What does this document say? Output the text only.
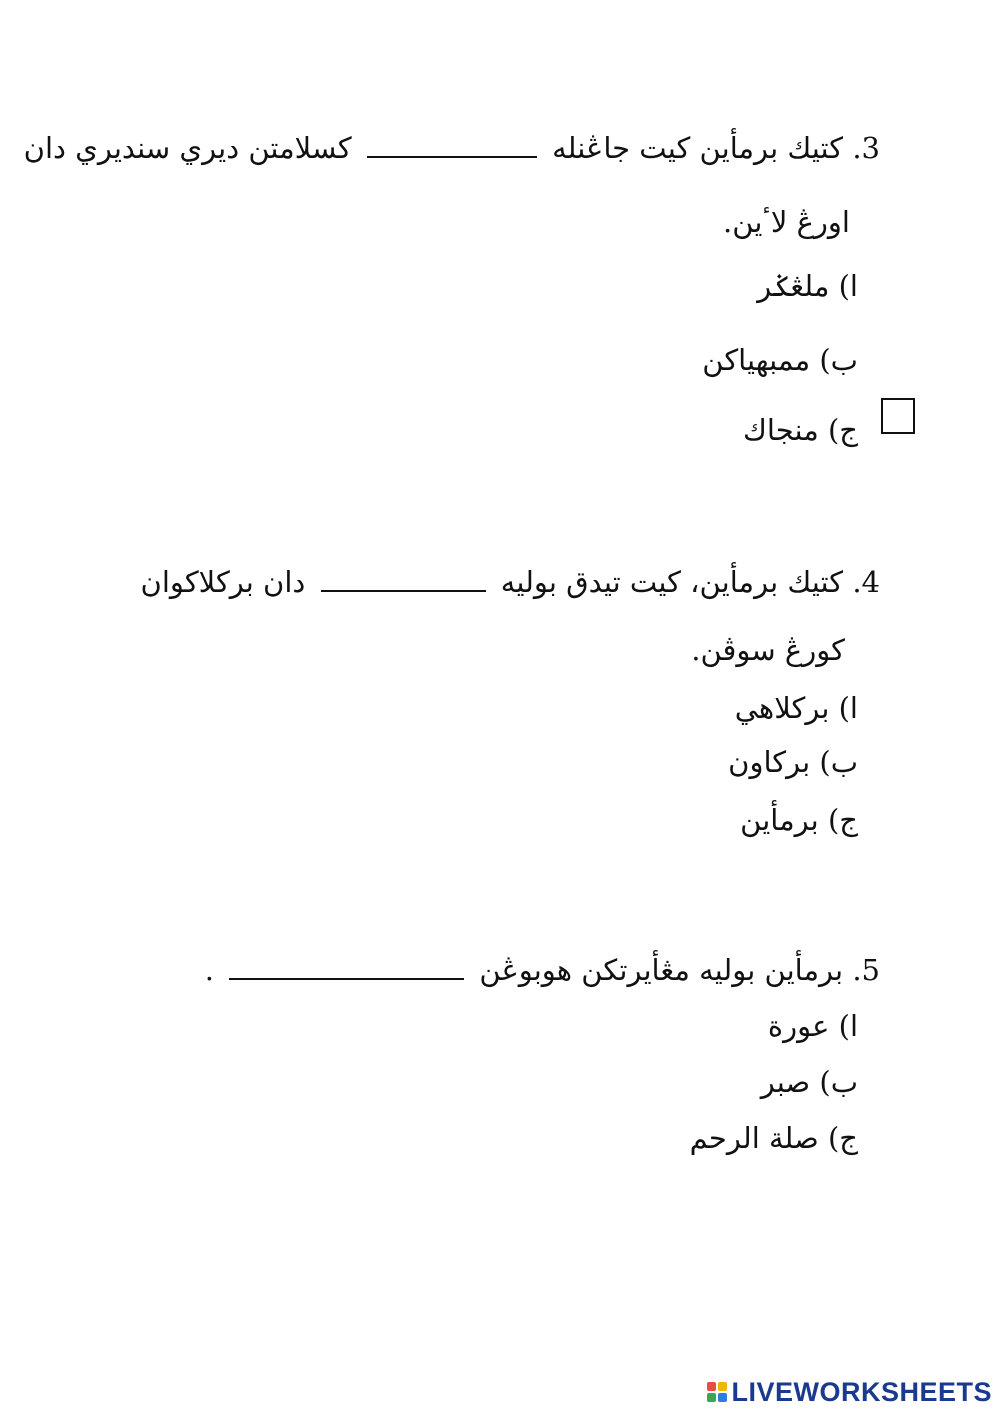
3. كتيك برمأين كيت جاڠنله  كسلامتن ديري سنديري دان
اورڠ لاٴين.
ا) ملڠݢر
ب) ممبهياكن
ج) منجاك
4. كتيك برمأين، كيت تيدق بوليه  دان بركلاكوان
كورڠ سوڤن.
ا) بركلاهي
ب) بركاون
ج) برمأين
5. برمأين بوليه مڠأيرتكن هوبوڠن  .
ا) عورة
ب) صبر
ج) صلة الرحم
LIVEWORKSHEETS
